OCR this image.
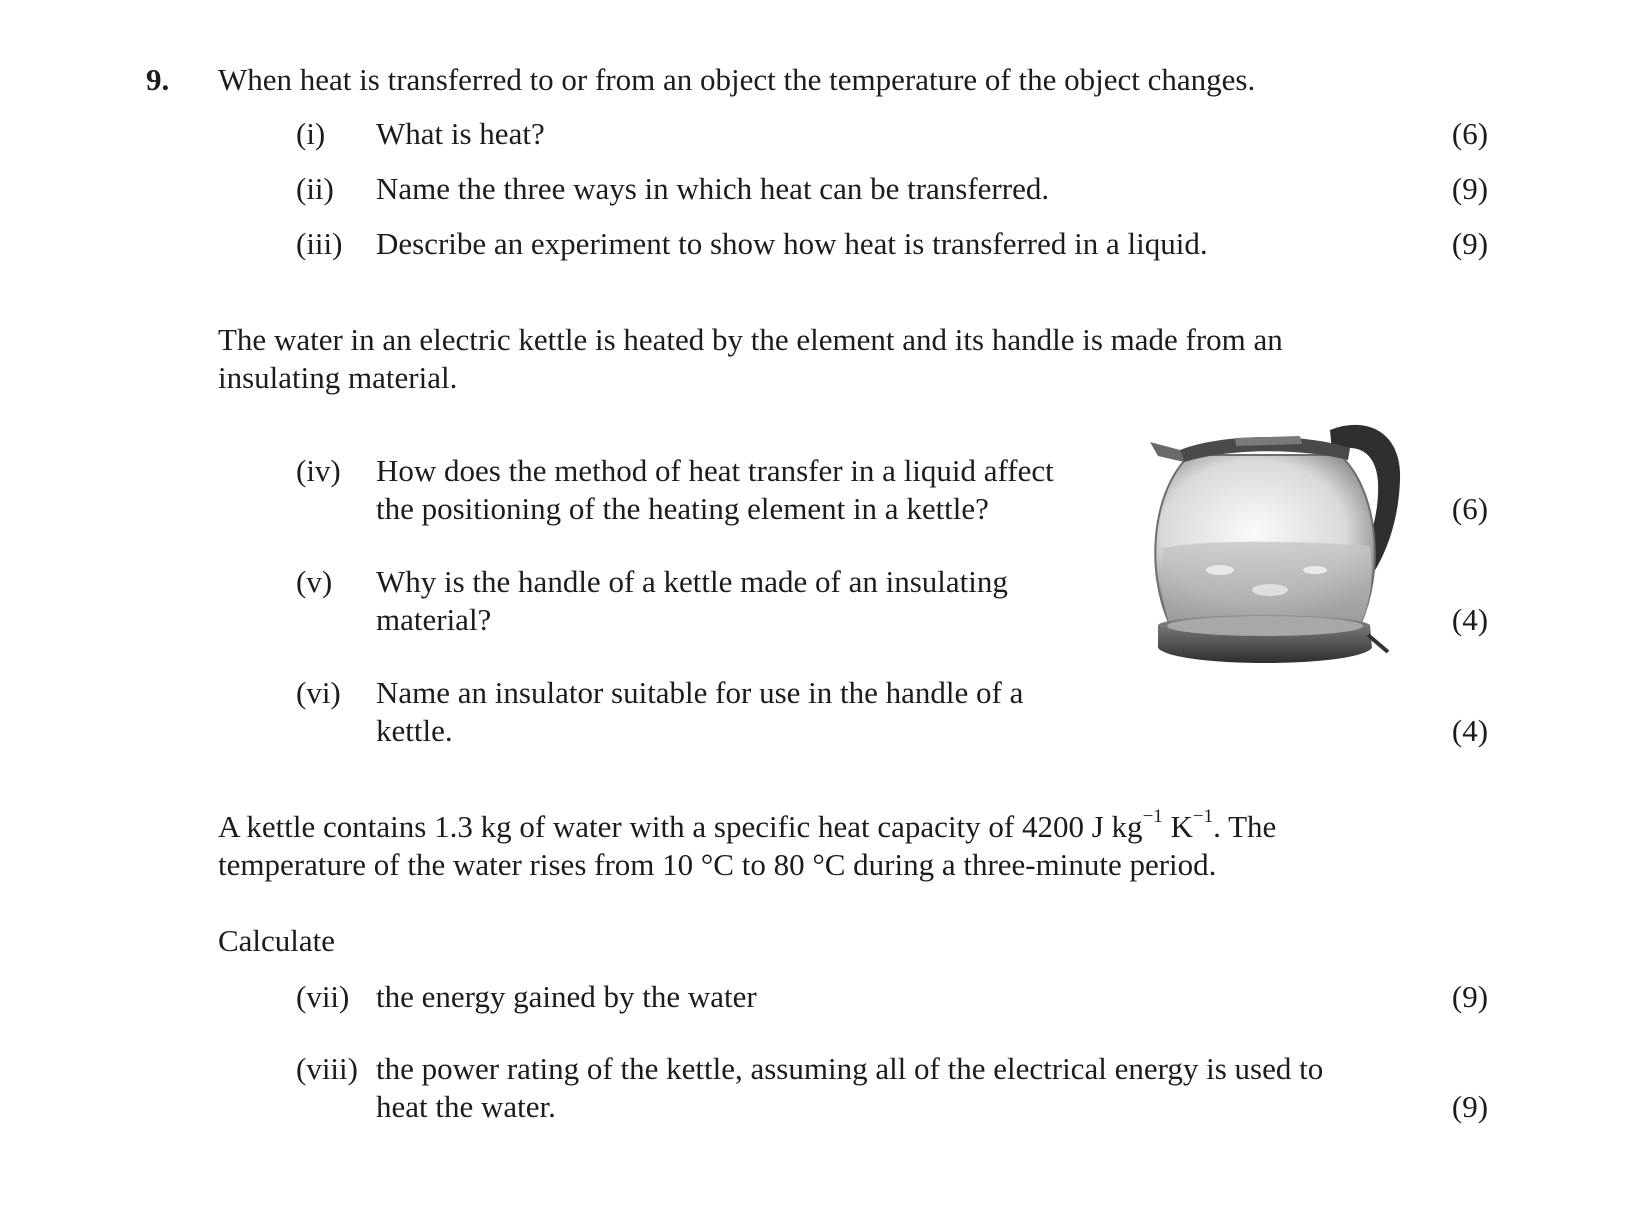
9. When heat is transferred to or from an object the temperature of the object changes.
(i) What is heat?	(6)
(ii) Name the three ways in which heat can be transferred.	(9)
(iii) Describe an experiment to show how heat is transferred in a liquid.	(9)
The water in an electric kettle is heated by the element and its handle is made from an
insulating material.
(iv) How does the method of heat transfer in a liquid affect
the positioning of the heating element in a kettle?	(6)
(v) Why is the handle of a kettle made of an insulating
material?	(4)
(vi) Name an insulator suitable for use in the handle of a
kettle.	(4)
A kettle contains 1.3 kg of water with a specific heat capacity of 4200 J $kg^{-1}$ $K^{-1}$. The
temperature of the water rises from 10 °C to 80 °C during a three-minute period.
Calculate
(vii) the energy gained by the water	(9)
(viii) the power rating of the kettle, assuming all of the electrical energy is used to
heat the water.	(9)
